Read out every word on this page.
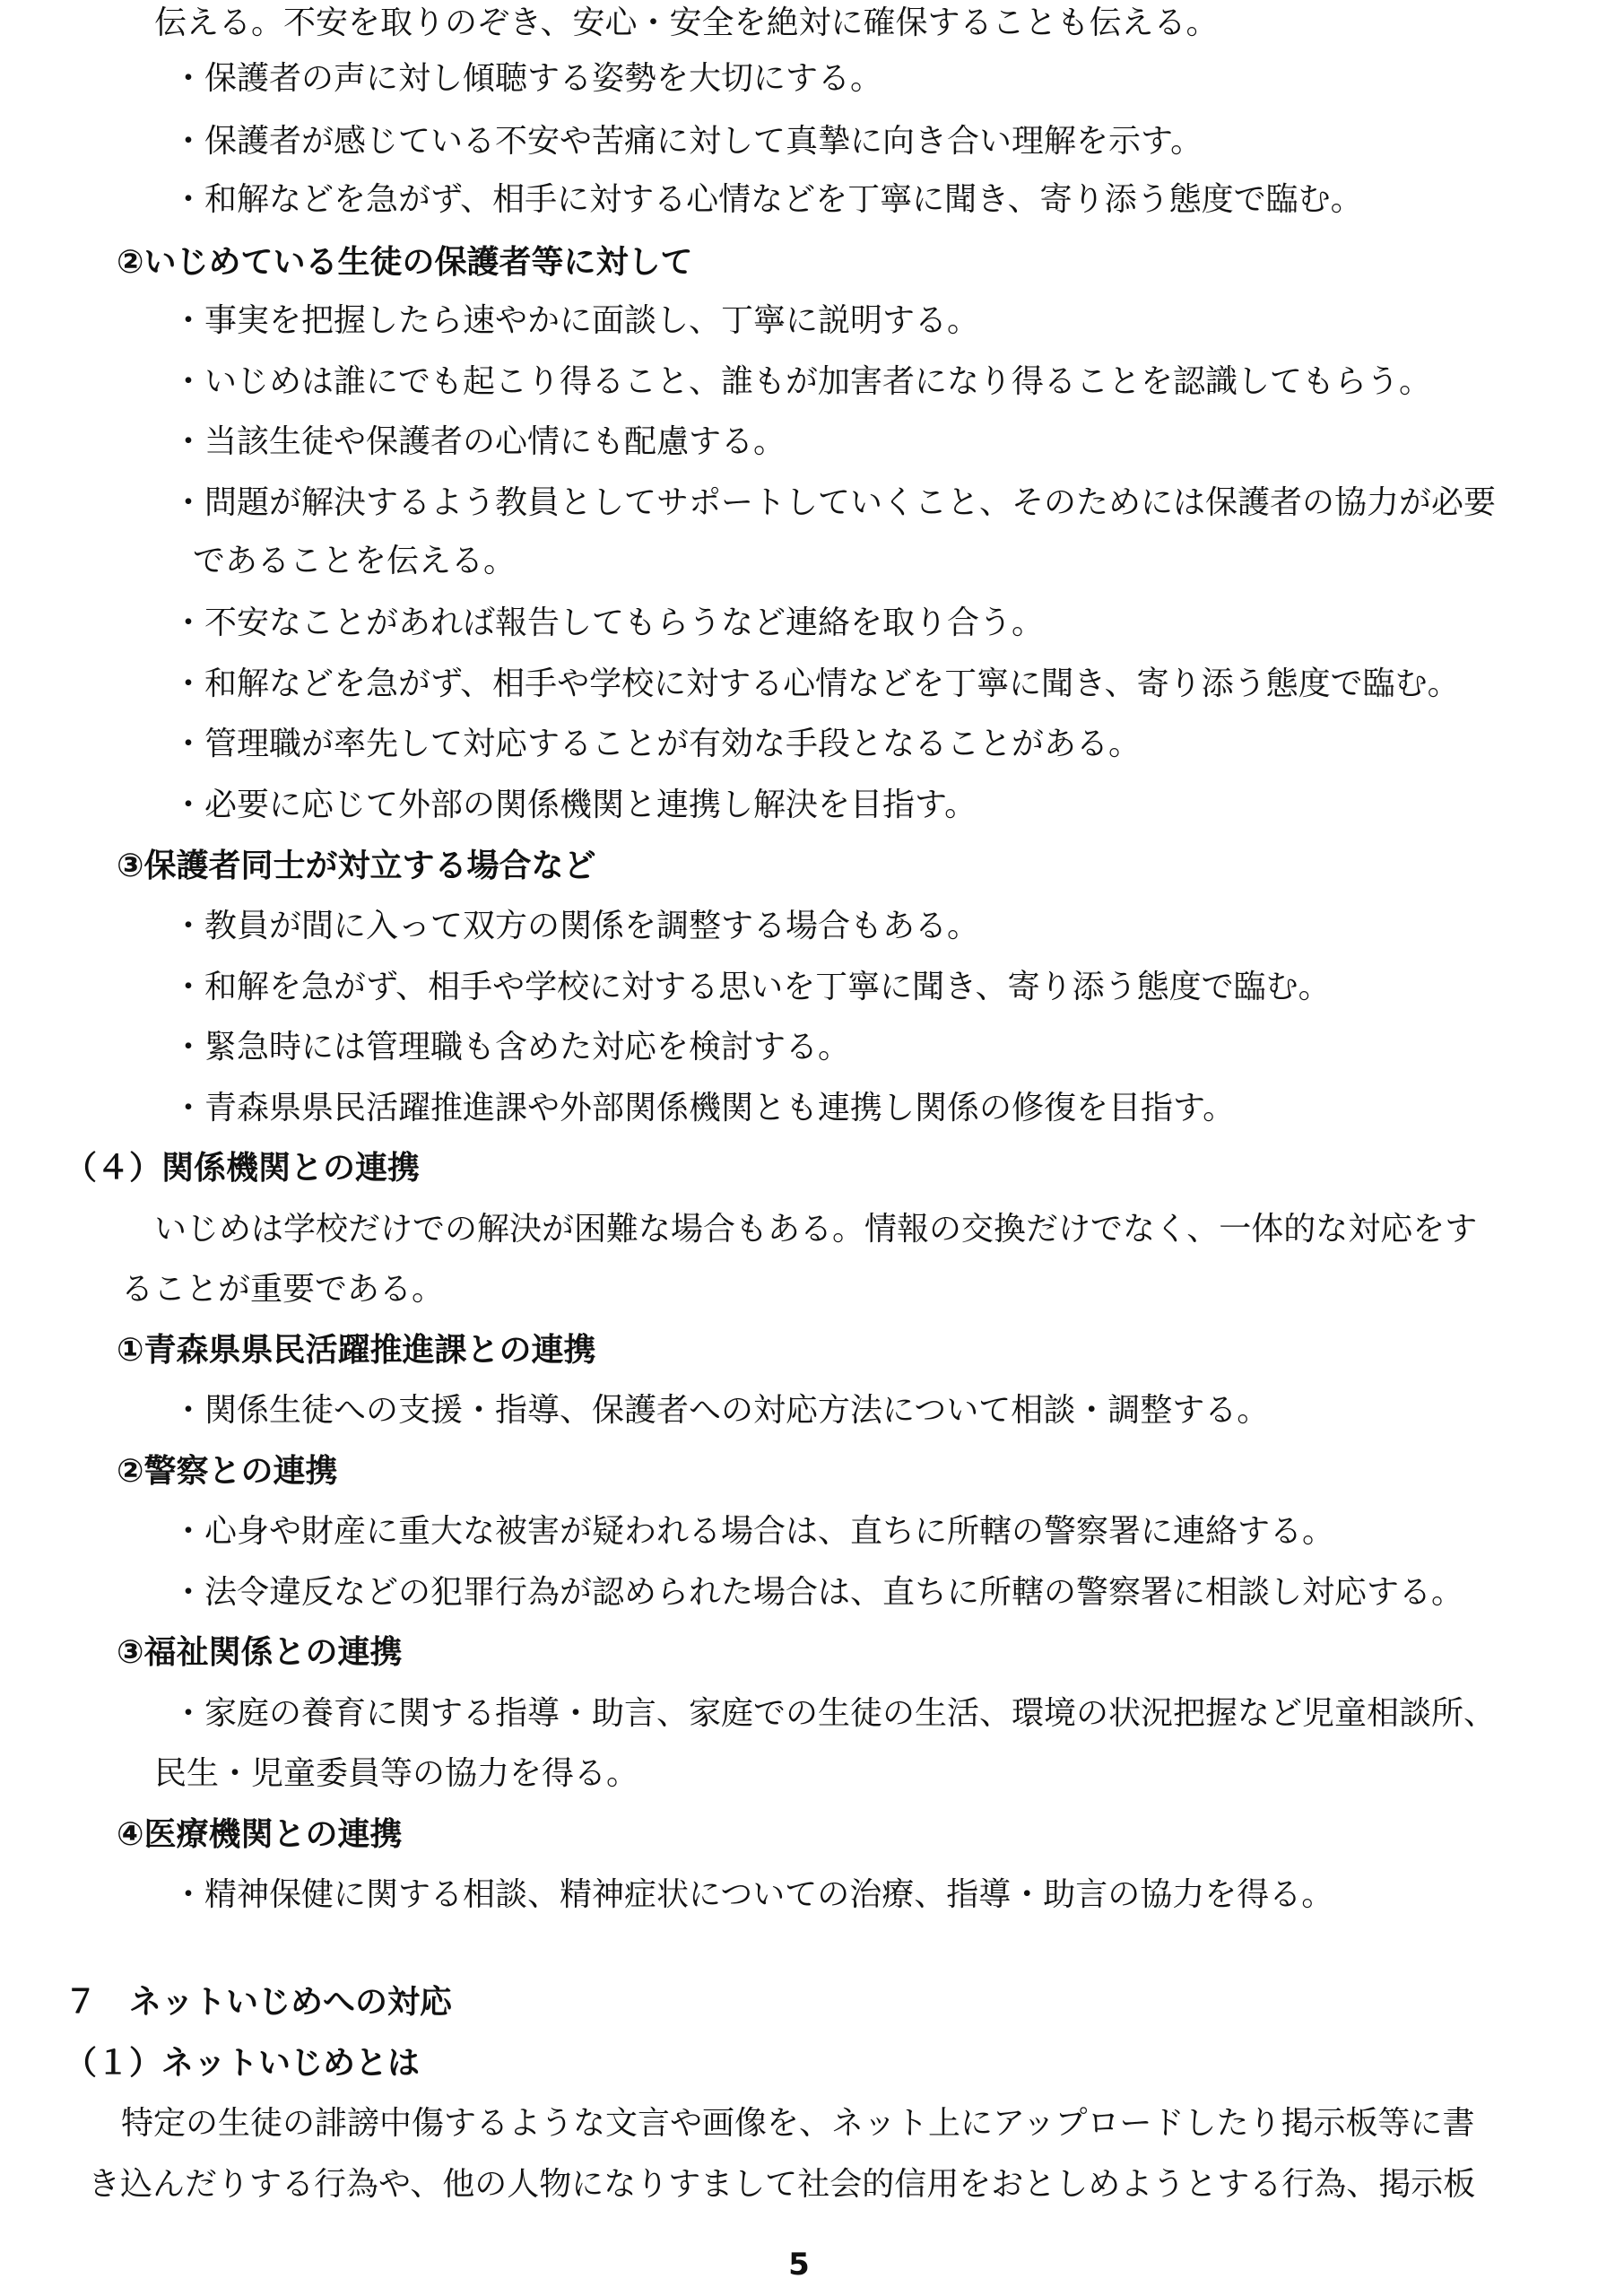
伝える。不安を取りのぞき、安心・安全を絶対に確保することも伝える。
・保護者の声に対し傾聴する姿勢を大切にする。
・保護者が感じている不安や苦痛に対して真摯に向き合い理解を示す。
・和解などを急がず、相手に対する心情などを丁寧に聞き、寄り添う態度で臨む。
②いじめている生徒の保護者等に対して
・事実を把握したら速やかに面談し、丁寧に説明する。
・いじめは誰にでも起こり得ること、誰もが加害者になり得ることを認識してもらう。
・当該生徒や保護者の心情にも配慮する。
・問題が解決するよう教員としてサポートしていくこと、そのためには保護者の協力が必要
であることを伝える。
・不安なことがあれば報告してもらうなど連絡を取り合う。
・和解などを急がず、相手や学校に対する心情などを丁寧に聞き、寄り添う態度で臨む。
・管理職が率先して対応することが有効な手段となることがある。
・必要に応じて外部の関係機関と連携し解決を目指す。
③保護者同士が対立する場合など
・教員が間に入って双方の関係を調整する場合もある。
・和解を急がず、相手や学校に対する思いを丁寧に聞き、寄り添う態度で臨む。
・緊急時には管理職も含めた対応を検討する。
・青森県県民活躍推進課や外部関係機関とも連携し関係の修復を目指す。
（４）関係機関との連携
いじめは学校だけでの解決が困難な場合もある。情報の交換だけでなく、一体的な対応をす
ることが重要である。
①青森県県民活躍推進課との連携
・関係生徒への支援・指導、保護者への対応方法について相談・調整する。
②警察との連携
・心身や財産に重大な被害が疑われる場合は、直ちに所轄の警察署に連絡する。
・法令違反などの犯罪行為が認められた場合は、直ちに所轄の警察署に相談し対応する。
③福祉関係との連携
・家庭の養育に関する指導・助言、家庭での生徒の生活、環境の状況把握など児童相談所、
民生・児童委員等の協力を得る。
④医療機関との連携
・精神保健に関する相談、精神症状についての治療、指導・助言の協力を得る。
７　ネットいじめへの対応
（１）ネットいじめとは
特定の生徒の誹謗中傷するような文言や画像を、ネット上にアップロードしたり掲示板等に書
き込んだりする行為や、他の人物になりすまして社会的信用をおとしめようとする行為、掲示板
5
